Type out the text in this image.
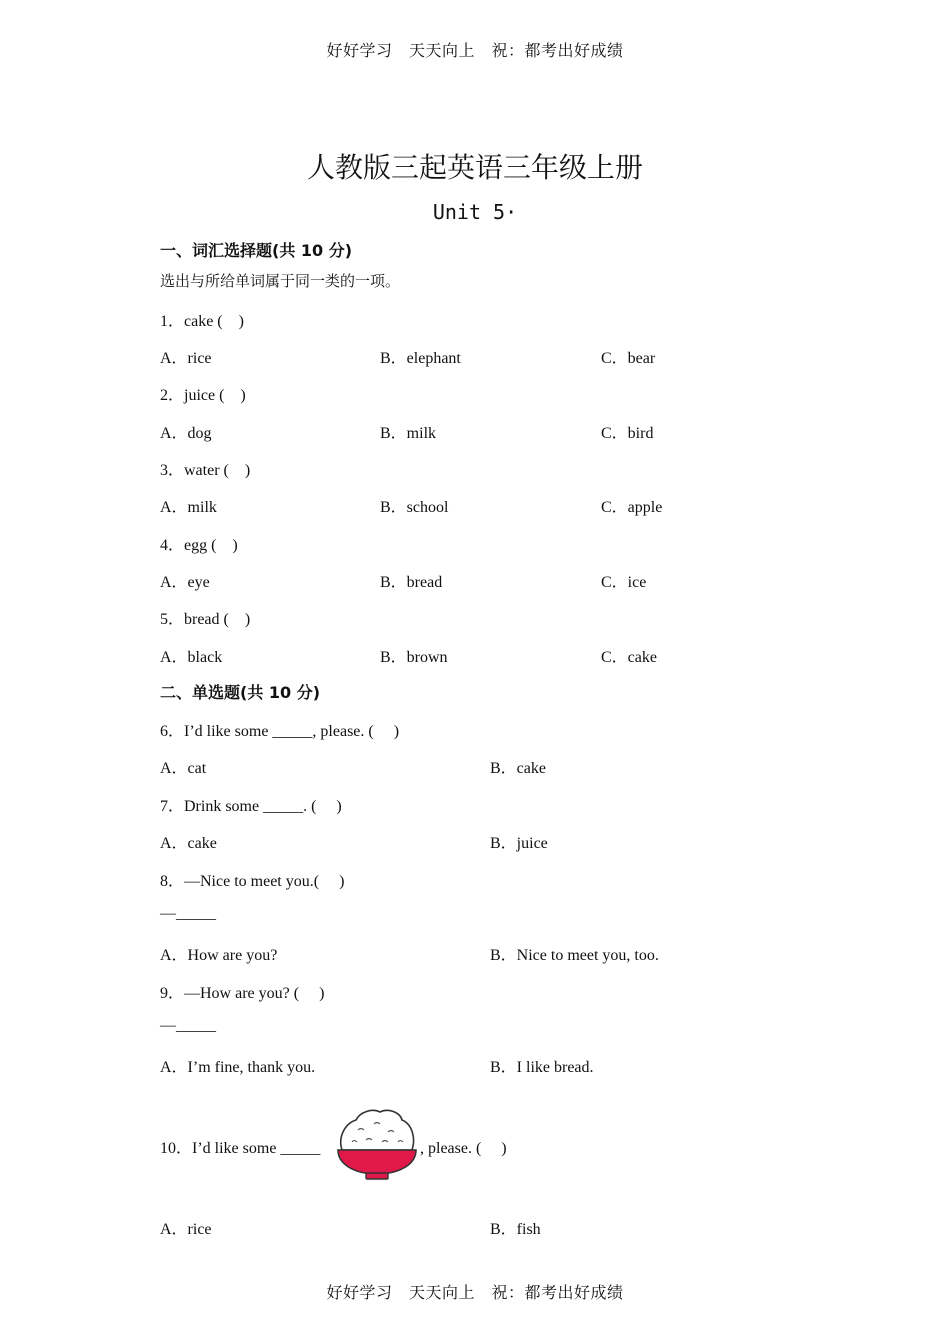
好好学习　天天向上　祝：都考出好成绩
人教版三起英语三年级上册
Unit 5·
一、词汇选择题(共 10 分)
选出与所给单词属于同一类的一项。
1．cake (　)
A．rice	B．elephant	C．bear
2．juice (　)
A．dog	B．milk	C．bird
3．water (　)
A．milk	B．school	C．apple
4．egg (　)
A．eye	B．bread	C．ice
5．bread (　)
A．black	B．brown	C．cake
二、单选题(共 10 分)
6．I’d like some _____, please. (　 )
A．cat	B．cake
7．Drink some _____. (　 )
A．cake	B．juice
8．—Nice to meet you.(　 )
—_____
A．How are you?	B．Nice to meet you, too.
9．—How are you? (　 )
—_____
A．I’m fine, thank you.	B．I like bread.
10．I’d like some _____	, please. (　 )
A．rice	B．fish
好好学习　天天向上　祝：都考出好成绩
